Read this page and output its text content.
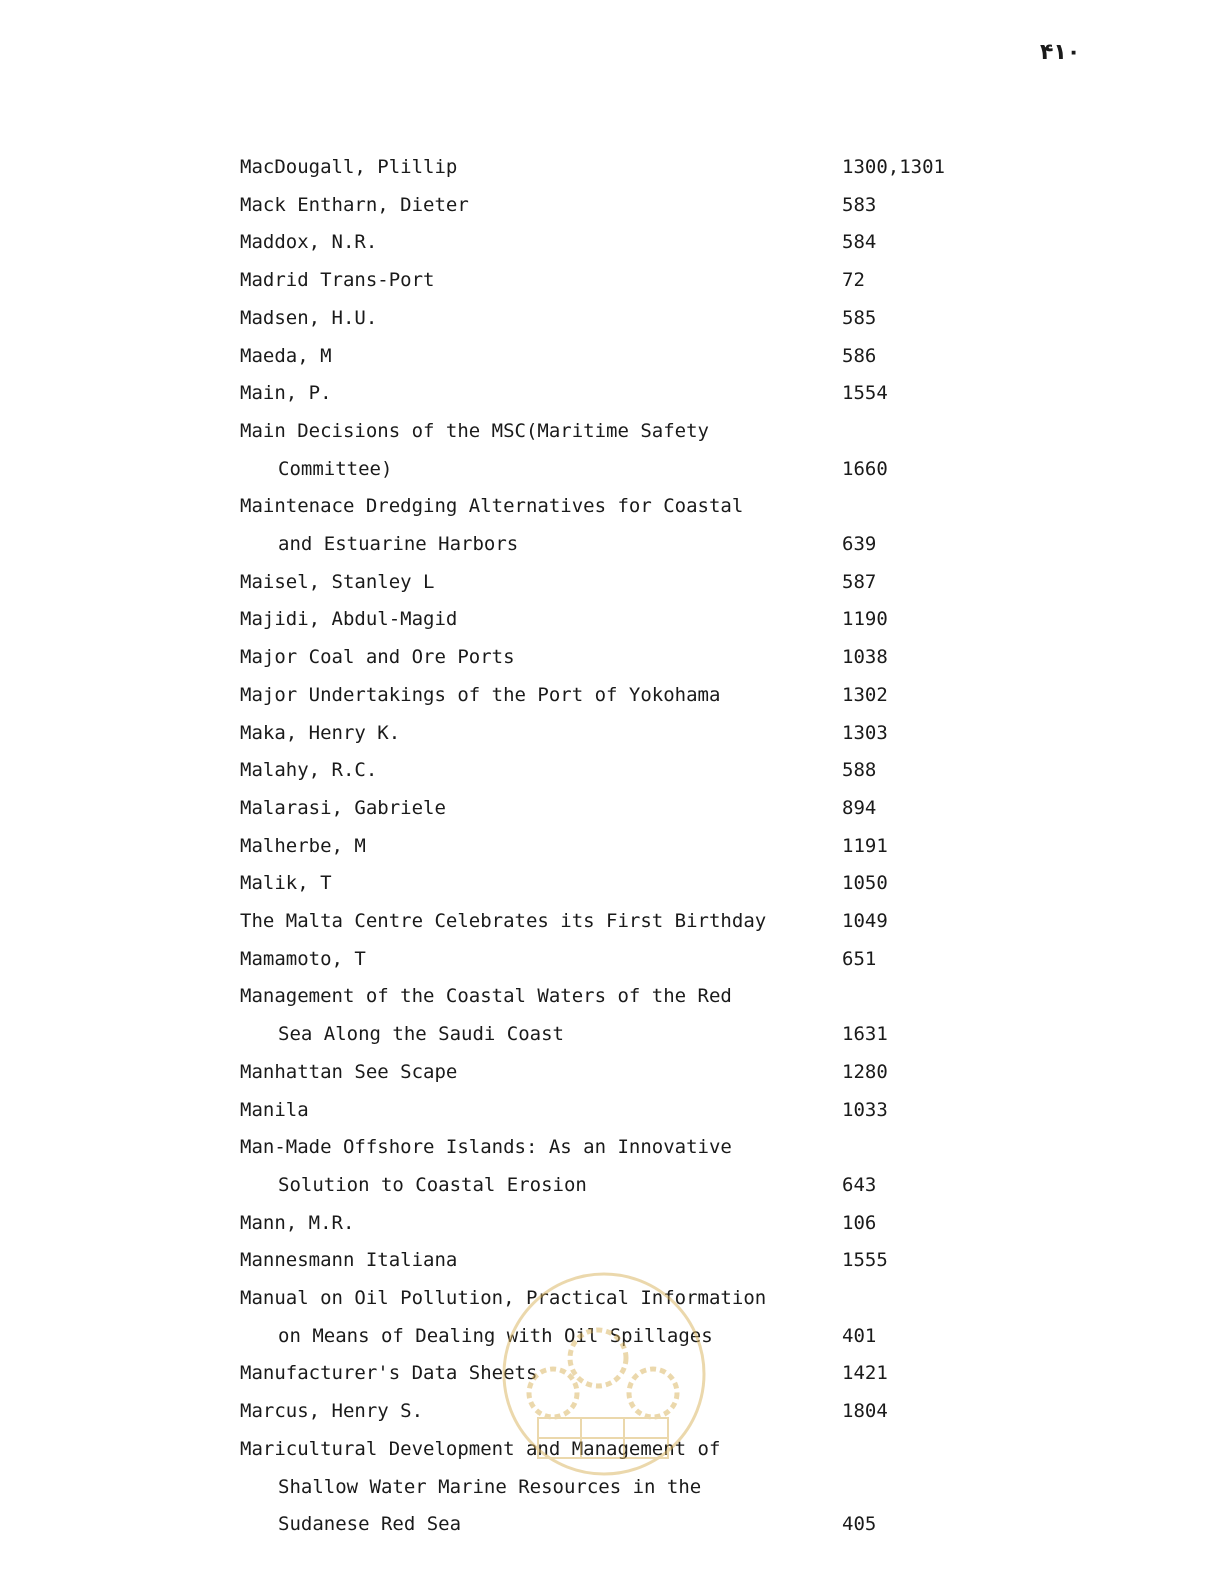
۴۱۰
MacDougall, Plillip	1300,1301
Mack Entharn, Dieter	583
Maddox, N.R.	584
Madrid Trans-Port	72
Madsen, H.U.	585
Maeda, M	586
Main, P.	1554
Main Decisions of the MSC(Maritime Safety
Committee)	1660
Maintenace Dredging Alternatives for Coastal
and Estuarine Harbors	639
Maisel, Stanley L	587
Majidi, Abdul-Magid	1190
Major Coal and Ore Ports	1038
Major Undertakings of the Port of Yokohama	1302
Maka, Henry K.	1303
Malahy, R.C.	588
Malarasi, Gabriele	894
Malherbe, M	1191
Malik, T	1050
The Malta Centre Celebrates its First Birthday	1049
Mamamoto, T	651
Management of the Coastal Waters of the Red
Sea Along the Saudi Coast	1631
Manhattan See Scape	1280
Manila	1033
Man-Made Offshore Islands: As an Innovative
Solution to Coastal Erosion	643
Mann, M.R.	106
Mannesmann Italiana	1555
Manual on Oil Pollution, Practical Information
on Means of Dealing with Oil Spillages	401
Manufacturer's Data Sheets	1421
Marcus, Henry S.	1804
Maricultural Development and Management of
Shallow Water Marine Resources in the
Sudanese Red Sea	405
